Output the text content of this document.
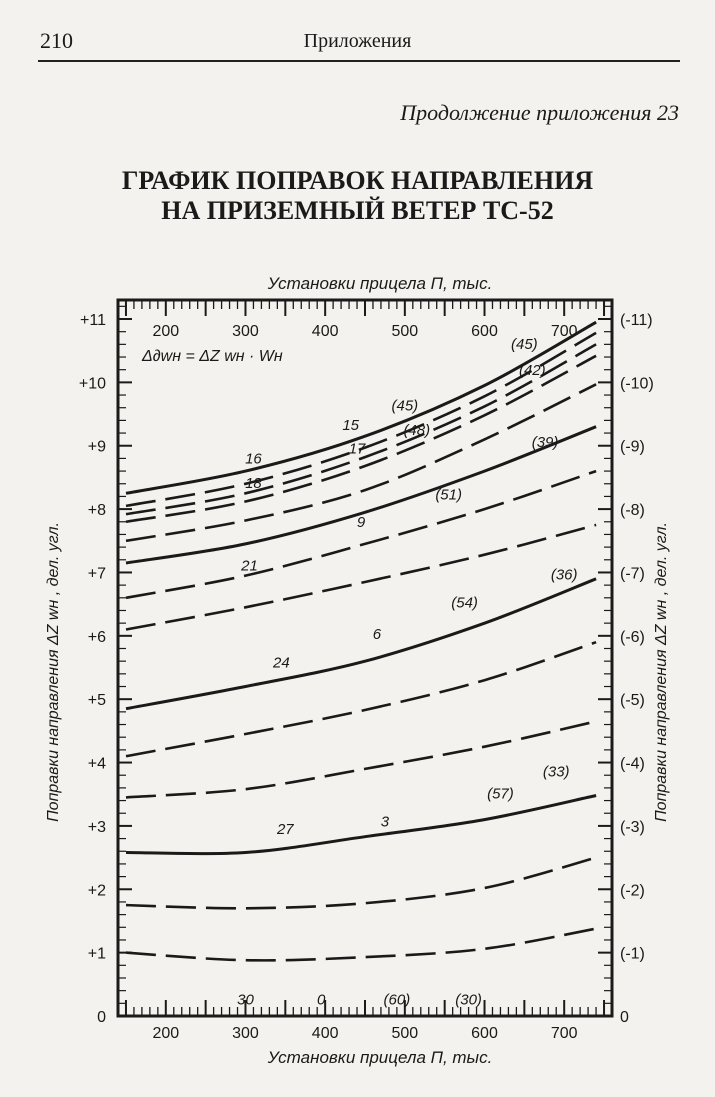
210	Приложения
Продолжение приложения 23
ГРАФИК ПОПРАВОК НАПРАВЛЕНИЯ
НА ПРИЗЕМНЫЙ ВЕТЕР ТС-52
200
200
300
300
400
400
500
500
600
600
700
700
0
+1
+2
+3
+4
+5
+6
+7
+8
+9
+10
+11
0
(-1)
(-2)
(-3)
(-4)
(-5)
(-6)
(-7)
(-8)
(-9)
(-10)
(-11)
16
15
18
17
(45)
(48)
(45)
(42)
(39)
(51)
9
21
(36)
(54)
6
24
(57)
(33)
3
27
30	0	(60)	(30)
Установки прицела П, тыс.
Установки прицела П, тыс.
Поправки направления ΔZ wн , дел. угл.	Поправки направления ΔZ wн , дел. угл.
Δ∂wн = ΔZ wн · Wн
